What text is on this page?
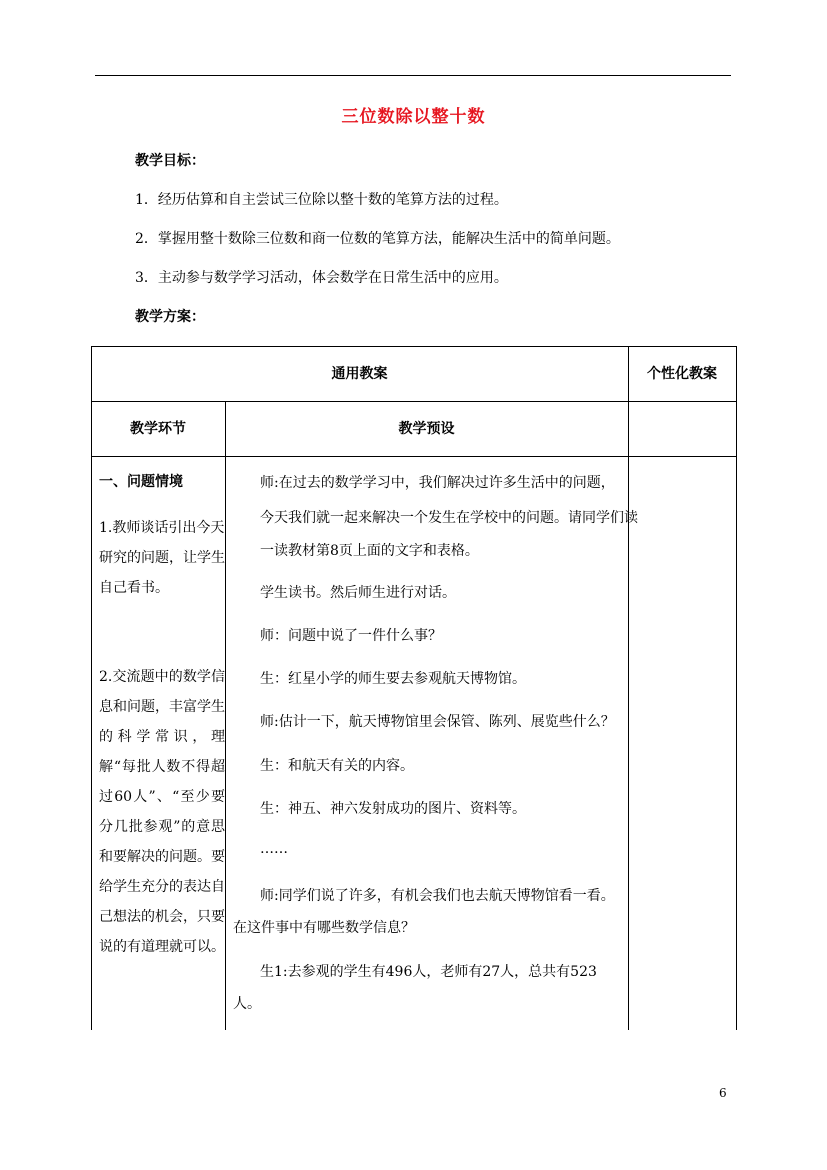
三位数除以整十数
教学目标：
1．经历估算和自主尝试三位除以整十数的笔算方法的过程。
2．掌握用整十数除三位数和商一位数的笔算方法，能解决生活中的简单问题。
3．主动参与数学学习活动，体会数学在日常生活中的应用。
教学方案：
通用教案	个性化教案
教学环节	教学预设
一、问题情境
1.教师谈话引出今天研究的问题，让学生自己看书。
2.交流题中的数学信息和问题，丰富学生的科学常识，理解“每批人数不得超过60人”、“至少要分几批参观”的意思和要解决的问题。要给学生充分的表达自己想法的机会，只要说的有道理就可以。
师:在过去的数学学习中，我们解决过许多生活中的问题，
今天我们就一起来解决一个发生在学校中的问题。请同学们读
一读教材第8页上面的文字和表格。
学生读书。然后师生进行对话。
师：问题中说了一件什么事？
生：红星小学的师生要去参观航天博物馆。
师:估计一下，航天博物馆里会保管、陈列、展览些什么？
生：和航天有关的内容。
生：神五、神六发射成功的图片、资料等。
……
师:同学们说了许多，有机会我们也去航天博物馆看一看。
在这件事中有哪些数学信息？
生1:去参观的学生有496人，老师有27人，总共有523
人。
6
